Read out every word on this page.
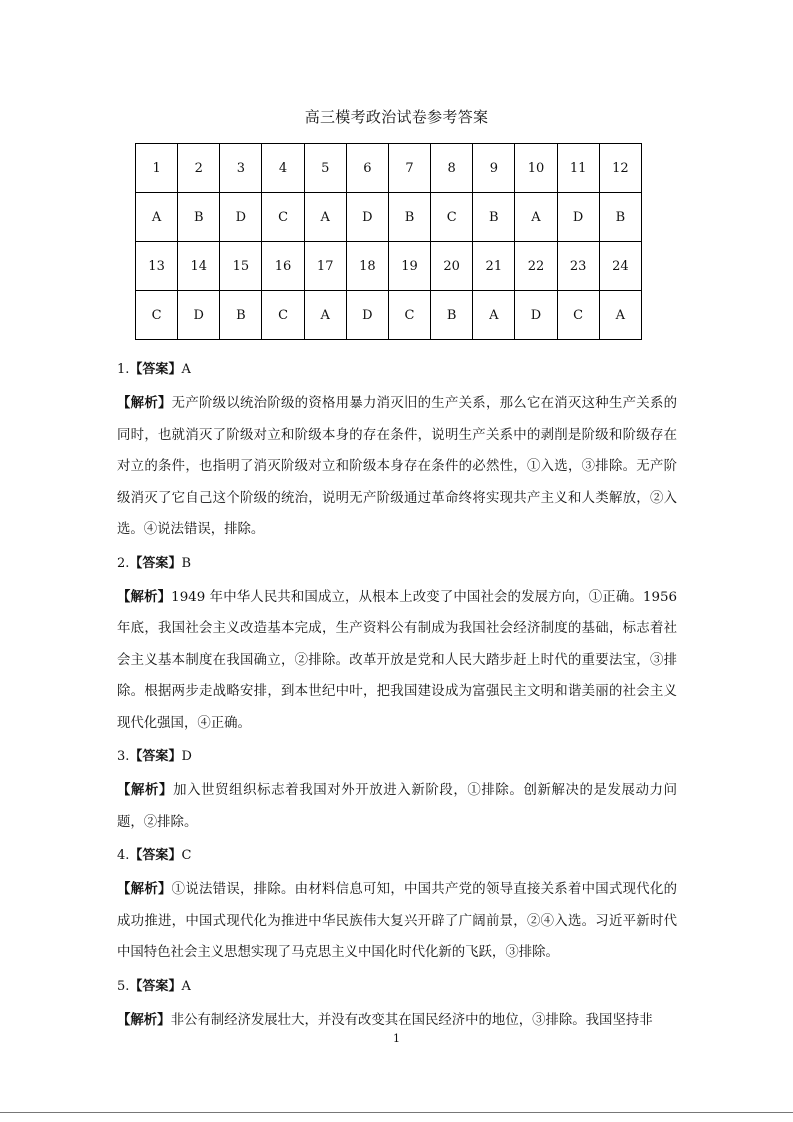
高三模考政治试卷参考答案
1	2	3	4	5	6	7	8	9	10	11	12
A	B	D	C	A	D	B	C	B	A	D	B
13	14	15	16	17	18	19	20	21	22	23	24
C	D	B	C	A	D	C	B	A	D	C	A
1.【答案】A
【解析】无产阶级以统治阶级的资格用暴力消灭旧的生产关系，那么它在消灭这种生产关系的同时，也就消灭了阶级对立和阶级本身的存在条件，说明生产关系中的剥削是阶级和阶级存在对立的条件，也指明了消灭阶级对立和阶级本身存在条件的必然性，①入选，③排除。无产阶级消灭了它自己这个阶级的统治，说明无产阶级通过革命终将实现共产主义和人类解放，②入选。④说法错误，排除。
2.【答案】B
【解析】1949 年中华人民共和国成立，从根本上改变了中国社会的发展方向，①正确。1956 年底，我国社会主义改造基本完成，生产资料公有制成为我国社会经济制度的基础，标志着社会主义基本制度在我国确立，②排除。改革开放是党和人民大踏步赶上时代的重要法宝，③排除。根据两步走战略安排，到本世纪中叶，把我国建设成为富强民主文明和谐美丽的社会主义现代化强国，④正确。
3.【答案】D
【解析】加入世贸组织标志着我国对外开放进入新阶段，①排除。创新解决的是发展动力问题，②排除。
4.【答案】C
【解析】①说法错误，排除。由材料信息可知，中国共产党的领导直接关系着中国式现代化的成功推进，中国式现代化为推进中华民族伟大复兴开辟了广阔前景，②④入选。习近平新时代中国特色社会主义思想实现了马克思主义中国化时代化新的飞跃，③排除。
5.【答案】A
【解析】非公有制经济发展壮大，并没有改变其在国民经济中的地位，③排除。我国坚持非
1
